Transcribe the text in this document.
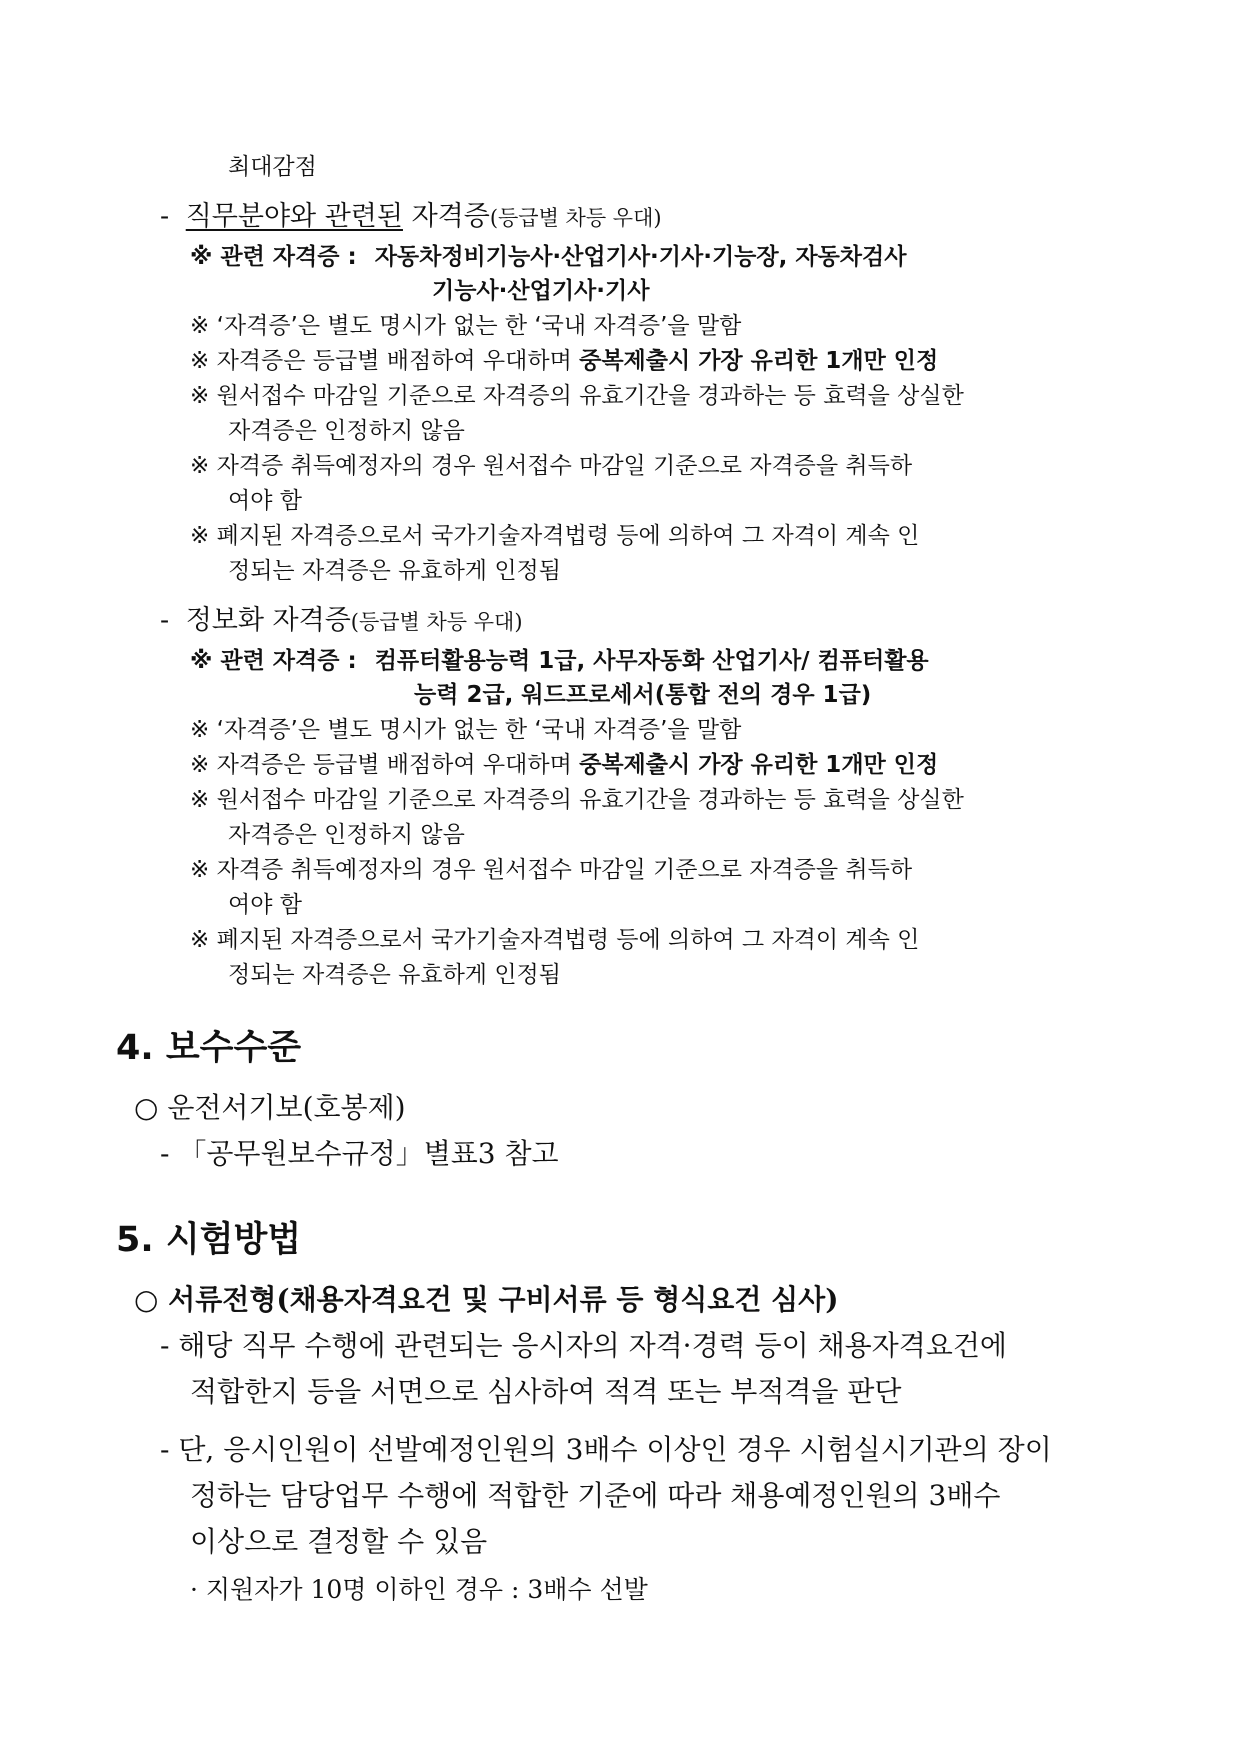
최대감점
- 직무분야와 관련된 자격증(등급별 차등 우대)
※ 관련 자격증 : 자동차정비기능사·산업기사·기사·기능장, 자동차검사
기능사·산업기사·기사
※ ‘자격증’은 별도 명시가 없는 한 ‘국내 자격증’을 말함
※ 자격증은 등급별 배점하여 우대하며 중복제출시 가장 유리한 1개만 인정
※ 원서접수 마감일 기준으로 자격증의 유효기간을 경과하는 등 효력을 상실한
자격증은 인정하지 않음
※ 자격증 취득예정자의 경우 원서접수 마감일 기준으로 자격증을 취득하
여야 함
※ 폐지된 자격증으로서 국가기술자격법령 등에 의하여 그 자격이 계속 인
정되는 자격증은 유효하게 인정됨
- 정보화 자격증(등급별 차등 우대)
※ 관련 자격증 : 컴퓨터활용능력 1급, 사무자동화 산업기사/ 컴퓨터활용
능력 2급, 워드프로세서(통합 전의 경우 1급)
※ ‘자격증’은 별도 명시가 없는 한 ‘국내 자격증’을 말함
※ 자격증은 등급별 배점하여 우대하며 중복제출시 가장 유리한 1개만 인정
※ 원서접수 마감일 기준으로 자격증의 유효기간을 경과하는 등 효력을 상실한
자격증은 인정하지 않음
※ 자격증 취득예정자의 경우 원서접수 마감일 기준으로 자격증을 취득하
여야 함
※ 폐지된 자격증으로서 국가기술자격법령 등에 의하여 그 자격이 계속 인
정되는 자격증은 유효하게 인정됨
4. 보수수준
○ 운전서기보(호봉제)
- 「공무원보수규정」별표3 참고
5. 시험방법
○ 서류전형(채용자격요건 및 구비서류 등 형식요건 심사)
- 해당 직무 수행에 관련되는 응시자의 자격·경력 등이 채용자격요건에
적합한지 등을 서면으로 심사하여 적격 또는 부적격을 판단
- 단, 응시인원이 선발예정인원의 3배수 이상인 경우 시험실시기관의 장이
정하는 담당업무 수행에 적합한 기준에 따라 채용예정인원의 3배수
이상으로 결정할 수 있음
· 지원자가 10명 이하인 경우 : 3배수 선발
